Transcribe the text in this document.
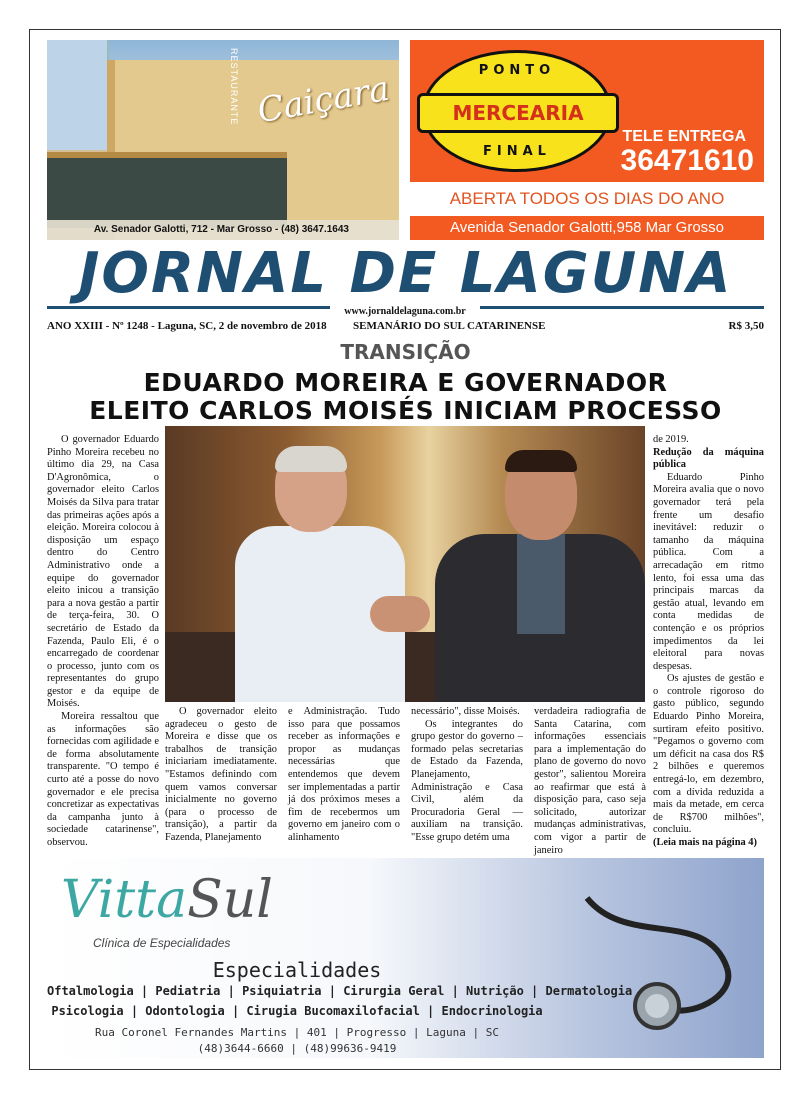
RESTAURANTE Caiçara
Av. Senador Galotti, 712 - Mar Grosso - (48) 3647.1643
PONTO
MERCEARIA
FINAL
TELE ENTREGA
36471610
ABERTA TODOS OS DIAS DO ANO
Avenida Senador Galotti,958 Mar Grosso
JORNAL DE LAGUNA
www.jornaldelaguna.com.br
ANO XXIII - Nº 1248 - Laguna, SC, 2 de novembro de 2018 SEMANÁRIO DO SUL CATARINENSE	R$ 3,50
TRANSIÇÃO
EDUARDO MOREIRA E GOVERNADOR
ELEITO CARLOS MOISÉS INICIAM PROCESSO

O governador Eduardo Pinho Moreira recebeu no último dia 29, na Casa D'Agronômica, o governador eleito Carlos Moisés da Silva para tratar das primeiras ações após a eleição. Moreira colocou à disposição um espaço dentro do Centro Administrativo onde a equipe do governador eleito inicou a transição para a nova gestão a partir de terça-feira, 30. O secretário de Estado da Fazenda, Paulo Eli, é o encarregado de coordenar o processo, junto com os representantes do grupo gestor e da equipe de Moisés.

Moreira ressaltou que as informações são fornecidas com agilidade e de forma absolutamente transparente. "O tempo é curto até a posse do novo governador e ele precisa concretizar as expectativas da campanha junto à sociedade catarinense", observou.

O governador eleito agradeceu o gesto de Moreira e disse que os trabalhos de transição iniciariam imediatamente. "Estamos definindo com quem vamos conversar inicialmente no governo (para o processo de transição), a partir da Fazenda, Planejamento

e Administração. Tudo isso para que possamos receber as informações e propor as mudanças necessárias que entendemos que devem ser implementadas a partir já dos próximos meses a fim de recebermos um governo em janeiro com o alinhamento

necessário", disse Moisés.

Os integrantes do grupo gestor do governo – formado pelas secretarias de Estado da Fazenda, Planejamento, Administração e Casa Civil, além da Procuradoria Geral — auxiliam na transição. "Esse grupo detém uma

verdadeira radiografia de Santa Catarina, com informações essenciais para a implementação do plano de governo do novo gestor", salientou Moreira ao reafirmar que está à disposição para, caso seja solicitado, autorizar mudanças administrativas, com vigor a partir de janeiro

de 2019.

Redução da máquina pública

Eduardo Pinho Moreira avalia que o novo governador terá pela frente um desafio inevitável: reduzir o tamanho da máquina pública. Com a arrecadação em ritmo lento, foi essa uma das principais marcas da gestão atual, levando em conta medidas de contenção e os próprios impedimentos da lei eleitoral para novas despesas.

Os ajustes de gestão e o controle rigoroso do gasto público, segundo Eduardo Pinho Moreira, surtiram efeito positivo. "Pegamos o governo com um déficit na casa dos R$ 2 bilhões e queremos entregá-lo, em dezembro, com a dívida reduzida a mais da metade, em cerca de R$700 milhões", concluiu.

(Leia mais na página 4)

VittaSul
Clínica de Especialidades
Especialidades
Oftalmologia | Pediatria | Psiquiatria | Cirurgia Geral | Nutrição | Dermatologia
Psicologia | Odontologia | Cirugia Bucomaxilofacial | Endocrinologia
Rua Coronel Fernandes Martins | 401 | Progresso | Laguna | SC
(48)3644-6660 | (48)99636-9419
